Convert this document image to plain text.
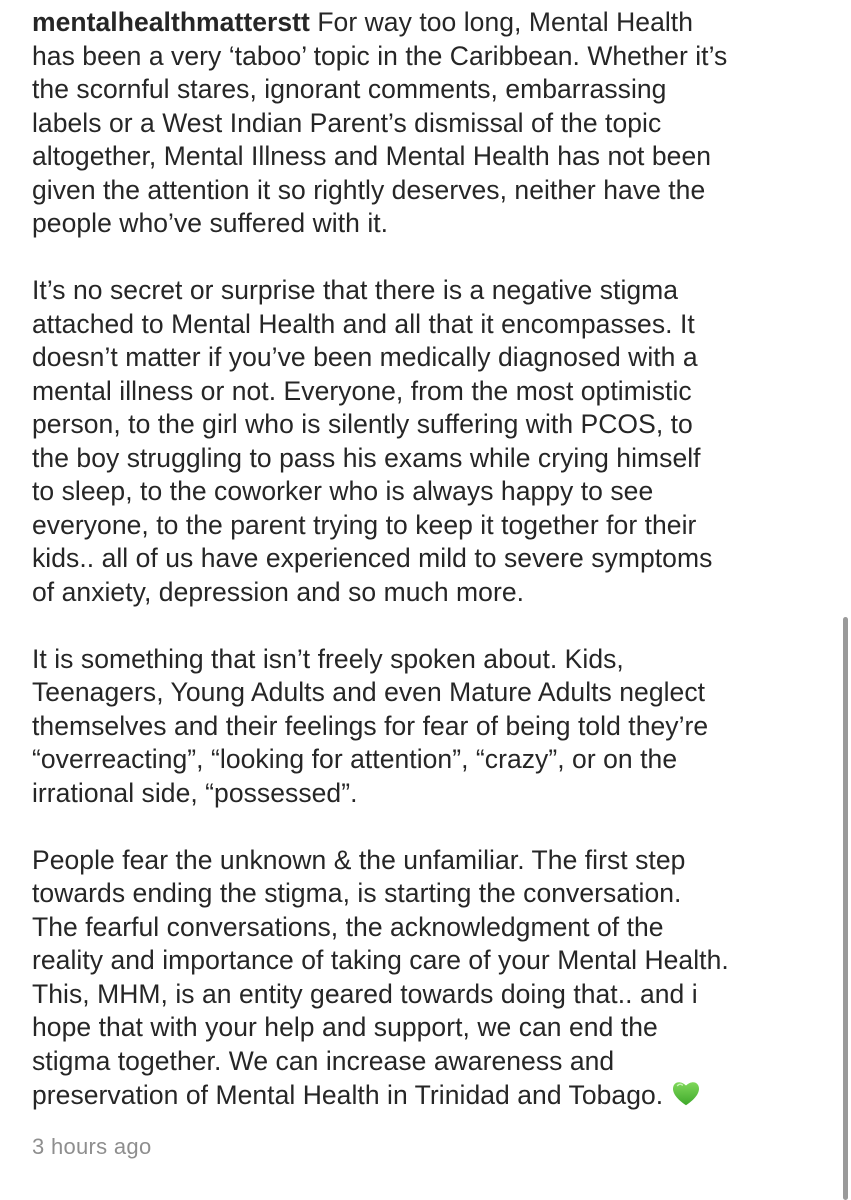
mentalhealthmatterstt For way too long, Mental Health
has been a very ‘taboo’ topic in the Caribbean. Whether it’s
the scornful stares, ignorant comments, embarrassing
labels or a West Indian Parent’s dismissal of the topic
altogether, Mental Illness and Mental Health has not been
given the attention it so rightly deserves, neither have the
people who’ve suffered with it.

It’s no secret or surprise that there is a negative stigma
attached to Mental Health and all that it encompasses. It
doesn’t matter if you’ve been medically diagnosed with a
mental illness or not. Everyone, from the most optimistic
person, to the girl who is silently suffering with PCOS, to
the boy struggling to pass his exams while crying himself
to sleep, to the coworker who is always happy to see
everyone, to the parent trying to keep it together for their
kids.. all of us have experienced mild to severe symptoms
of anxiety, depression and so much more.

It is something that isn’t freely spoken about. Kids,
Teenagers, Young Adults and even Mature Adults neglect
themselves and their feelings for fear of being told they’re
“overreacting”, “looking for attention”, “crazy”, or on the
irrational side, “possessed”.

People fear the unknown & the unfamiliar. The first step
towards ending the stigma, is starting the conversation.
The fearful conversations, the acknowledgment of the
reality and importance of taking care of your Mental Health.
This, MHM, is an entity geared towards doing that.. and i
hope that with your help and support, we can end the
stigma together. We can increase awareness and
preservation of Mental Health in Trinidad and Tobago.

3 hours ago
